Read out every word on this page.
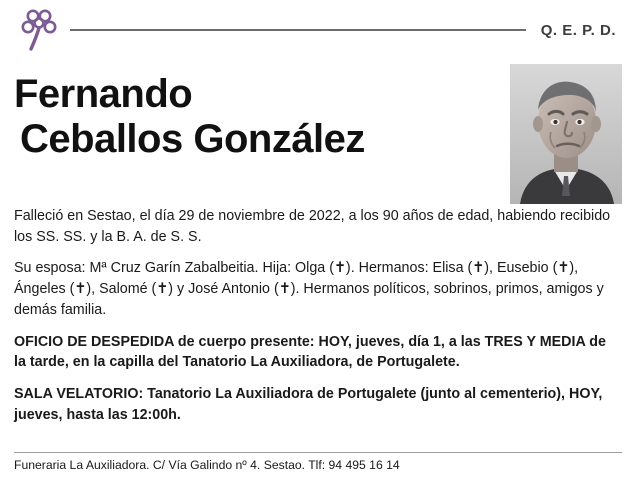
Q. E. P. D.
Fernando
Ceballos González

Falleció en Sestao, el día 29 de noviembre de 2022, a los 90 años de edad, habiendo recibido los SS. SS. y la B. A. de S. S.

Su esposa: Mª Cruz Garín Zabalbeitia. Hija: Olga (✝). Hermanos: Elisa (✝), Eusebio (✝), Ángeles (✝), Salomé (✝) y José Antonio (✝). Hermanos políticos, sobrinos, primos, amigos y demás familia.

OFICIO DE DESPEDIDA de cuerpo presente: HOY, jueves, día 1, a las TRES Y MEDIA de la tarde, en la capilla del Tanatorio La Auxiliadora, de Portugalete.

SALA VELATORIO: Tanatorio La Auxiliadora de Portugalete (junto al cementerio), HOY, jueves, hasta las 12:00h.

Funeraria La Auxiliadora. C/ Vía Galindo nº 4. Sestao. Tlf: 94 495 16 14
